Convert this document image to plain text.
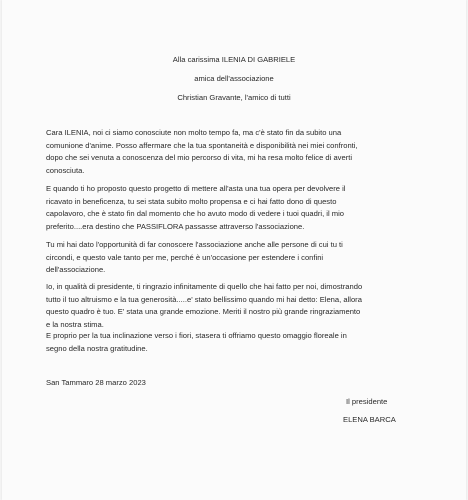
Alla carissima ILENIA DI GABRIELE

amica dell'associazione

Christian Gravante, l'amico di tutti

Cara ILENIA, noi ci siamo conosciute non molto tempo fa, ma c'è stato fin da subito una
comunione d'anime. Posso affermare che la tua spontaneità e disponibilità nei miei confronti,
dopo che sei venuta a conoscenza del mio percorso di vita, mi ha resa molto felice di averti
conosciuta.

E quando ti ho proposto questo progetto di mettere all'asta una tua opera per devolvere il
ricavato in beneficenza, tu sei stata subito molto propensa e ci hai fatto dono di questo
capolavoro, che è stato fin dal momento che ho avuto modo di vedere i tuoi quadri, il mio
preferito....era destino che PASSIFLORA passasse attraverso l'associazione.

Tu mi hai dato l'opportunità di far conoscere l'associazione anche alle persone di cui tu ti
circondi, e questo vale tanto per me, perché è un'occasione per estendere i confini
dell'associazione.

Io, in qualità di presidente, ti ringrazio infinitamente di quello che hai fatto per noi, dimostrando
tutto il tuo altruismo e la tua generosità.....e' stato bellissimo quando mi hai detto: Elena, allora
questo quadro è tuo. E' stata una grande emozione. Meriti il nostro più grande ringraziamento
e la nostra stima.

E proprio per la tua inclinazione verso i fiori, stasera ti offriamo questo omaggio floreale in
segno della nostra gratitudine.

San Tammaro 28 marzo 2023

Il presidente

ELENA BARCA
